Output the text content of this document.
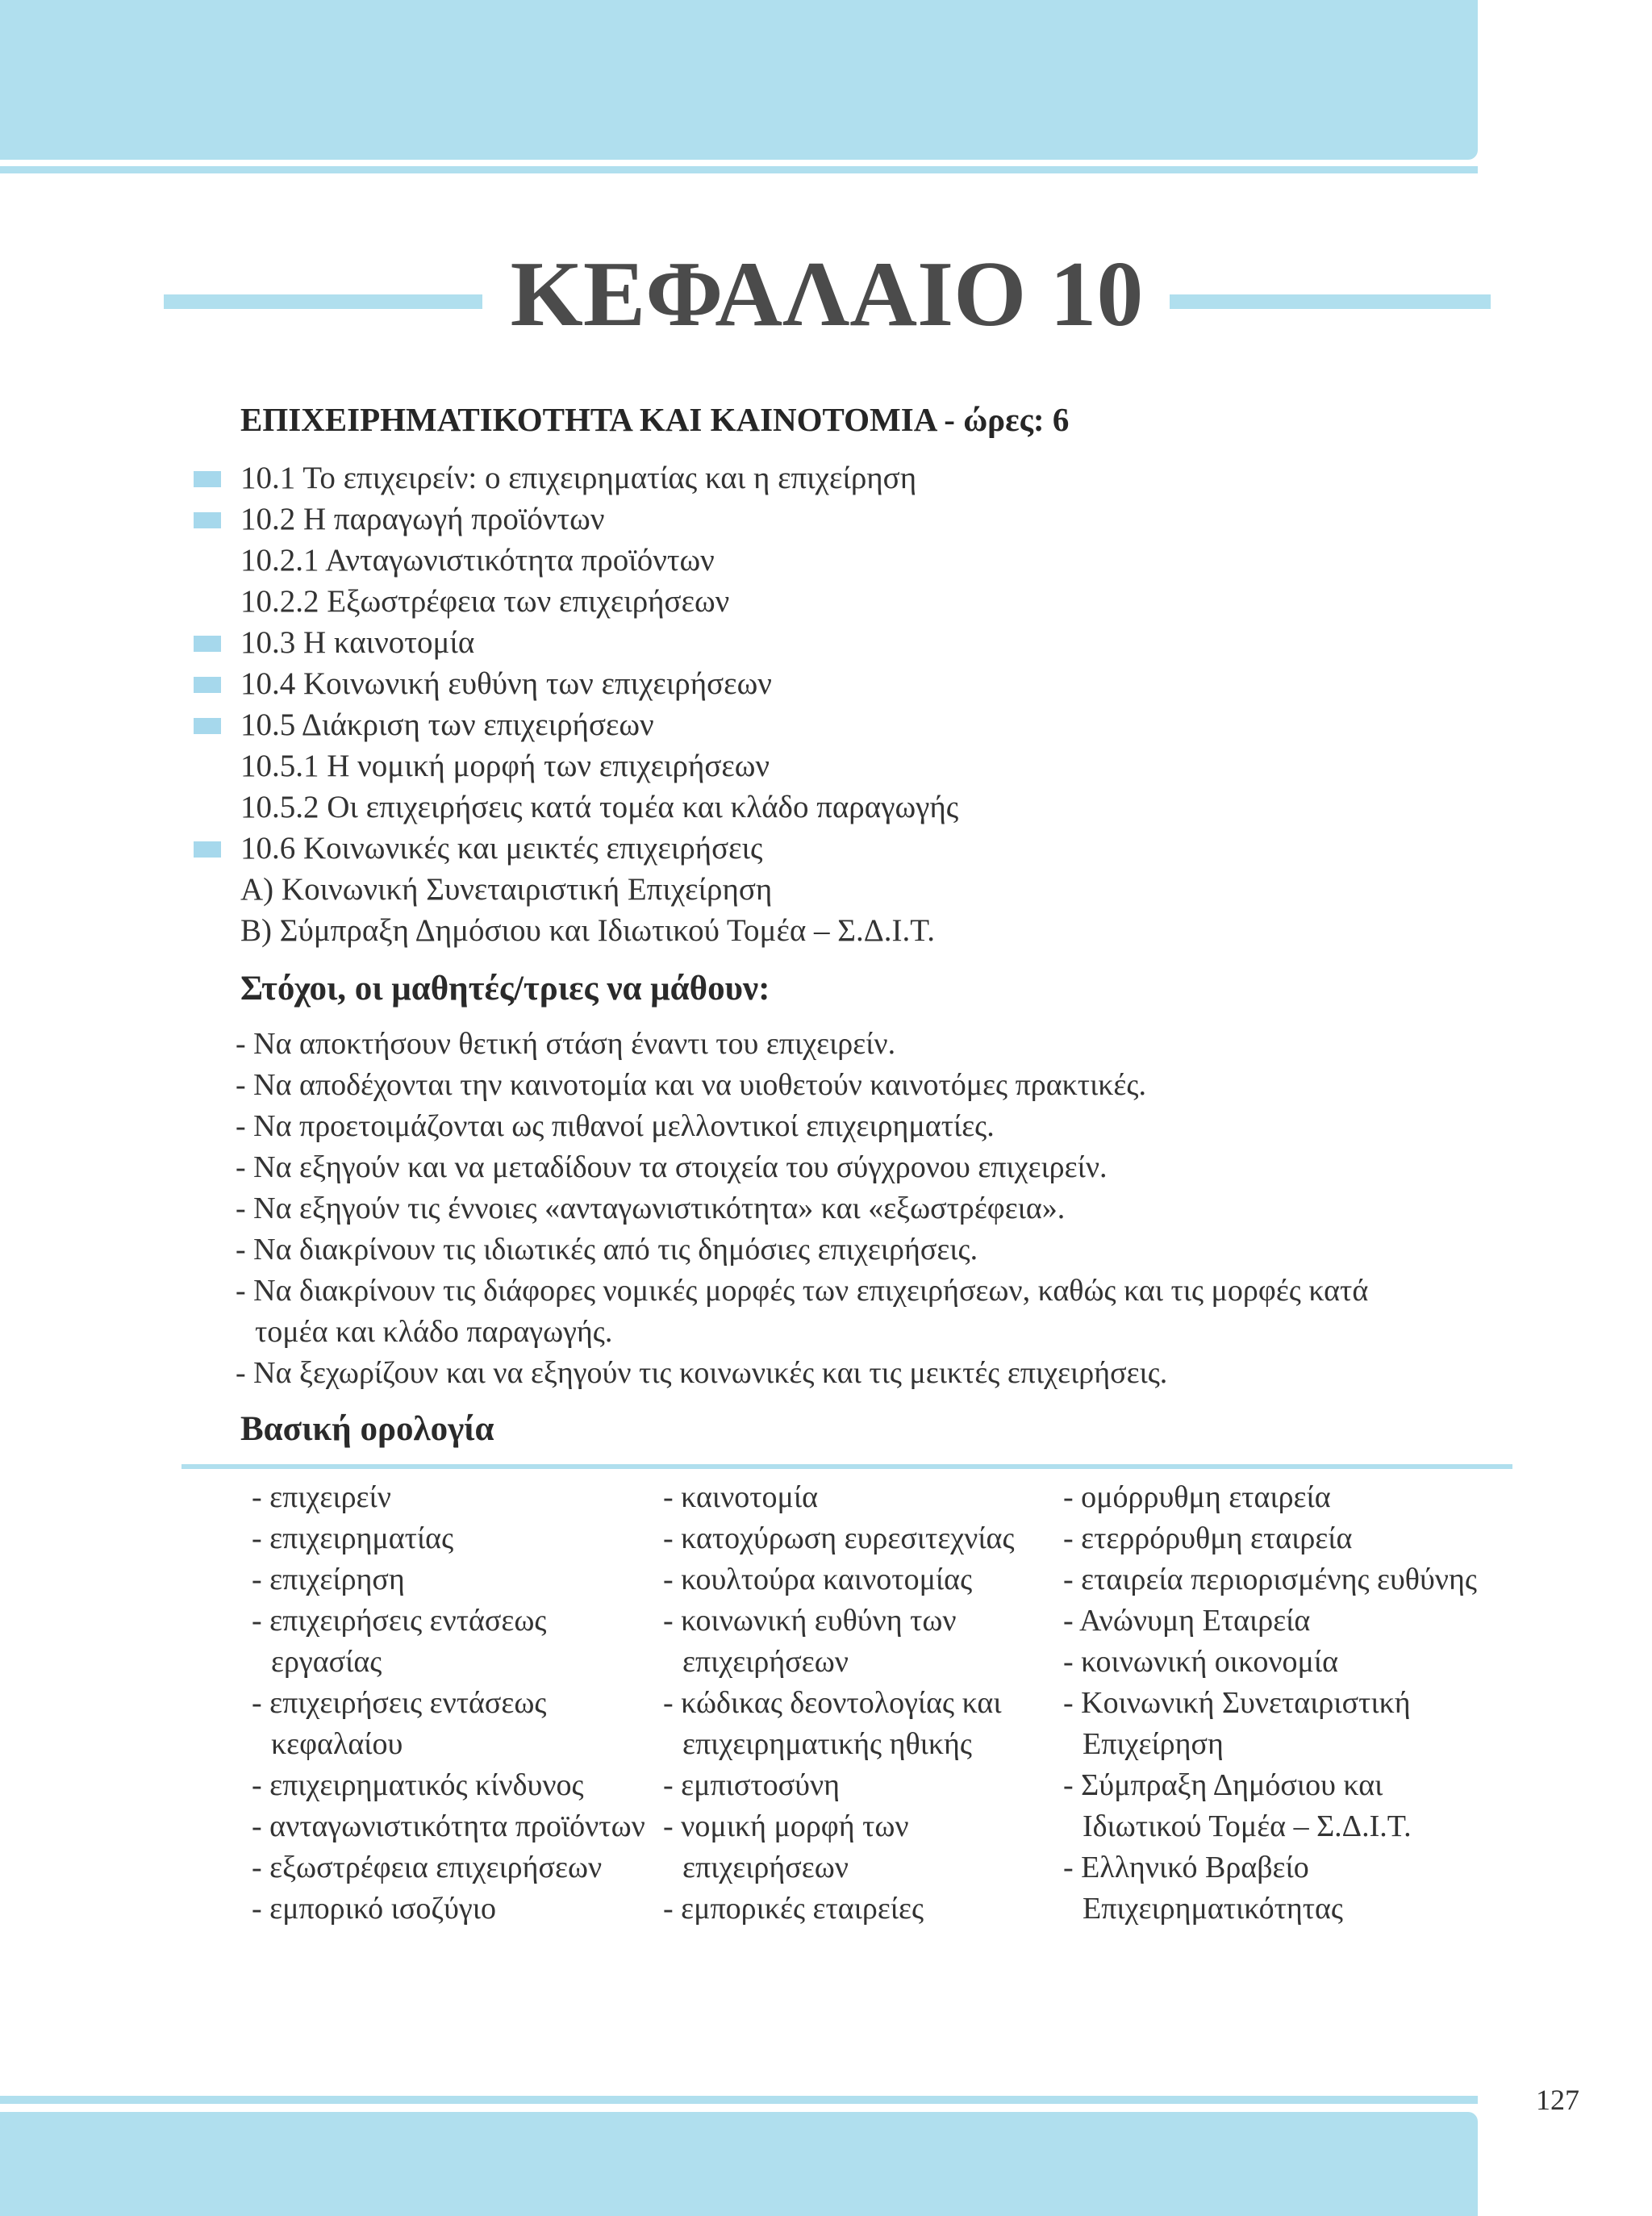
ΚΕΦΑΛΑΙΟ 10
ΕΠΙΧΕΙΡΗΜΑΤΙΚΟΤΗΤΑ ΚΑΙ ΚΑΙΝΟΤΟΜΙΑ - ώρες: 6
10.1 Το επιχειρείν: ο επιχειρηματίας και η επιχείρηση
10.2 Η παραγωγή προϊόντων
10.2.1 Ανταγωνιστικότητα προϊόντων
10.2.2 Εξωστρέφεια των επιχειρήσεων
10.3 Η καινοτομία
10.4 Κοινωνική ευθύνη των επιχειρήσεων
10.5 Διάκριση των επιχειρήσεων
10.5.1 Η νομική μορφή των επιχειρήσεων
10.5.2 Οι επιχειρήσεις κατά τομέα και κλάδο παραγωγής
10.6 Κοινωνικές και μεικτές επιχειρήσεις
Α) Κοινωνική Συνεταιριστική Επιχείρηση
Β) Σύμπραξη Δημόσιου και Ιδιωτικού Τομέα – Σ.Δ.Ι.Τ.
Στόχοι, οι μαθητές/τριες να μάθουν:
- Να αποκτήσουν θετική στάση έναντι του επιχειρείν.
- Να αποδέχονται την καινοτομία και να υιοθετούν καινοτόμες πρακτικές.
- Να προετοιμάζονται ως πιθανοί μελλοντικοί επιχειρηματίες.
- Να εξηγούν και να μεταδίδουν τα στοιχεία του σύγχρονου επιχειρείν.
- Να εξηγούν τις έννοιες «ανταγωνιστικότητα» και «εξωστρέφεια».
- Να διακρίνουν τις ιδιωτικές από τις δημόσιες επιχειρήσεις.
- Να διακρίνουν τις διάφορες νομικές μορφές των επιχειρήσεων, καθώς και τις μορφές κατά
τομέα και κλάδο παραγωγής.
- Να ξεχωρίζουν και να εξηγούν τις κοινωνικές και τις μεικτές επιχειρήσεις.
Βασική ορολογία
- επιχειρείν
- επιχειρηματίας
- επιχείρηση
- επιχειρήσεις εντάσεως εργασίας
- επιχειρήσεις εντάσεως κεφαλαίου
- επιχειρηματικός κίνδυνος
- ανταγωνιστικότητα προϊόντων
- εξωστρέφεια επιχειρήσεων
- εμπορικό ισοζύγιο
- καινοτομία
- κατοχύρωση ευρεσιτεχνίας
- κουλτούρα καινοτομίας
- κοινωνική ευθύνη των επιχειρήσεων
- κώδικας δεοντολογίας και επιχειρηματικής ηθικής
- εμπιστοσύνη
- νομική μορφή των επιχειρήσεων
- εμπορικές εταιρείες
- ομόρρυθμη εταιρεία
- ετερρόρυθμη εταιρεία
- εταιρεία περιορισμένης ευθύνης
- Ανώνυμη Εταιρεία
- κοινωνική οικονομία
- Κοινωνική Συνεταιριστική Επιχείρηση
- Σύμπραξη Δημόσιου και Ιδιωτικού Τομέα – Σ.Δ.Ι.Τ.
- Ελληνικό Βραβείο Επιχειρηματικότητας
127
